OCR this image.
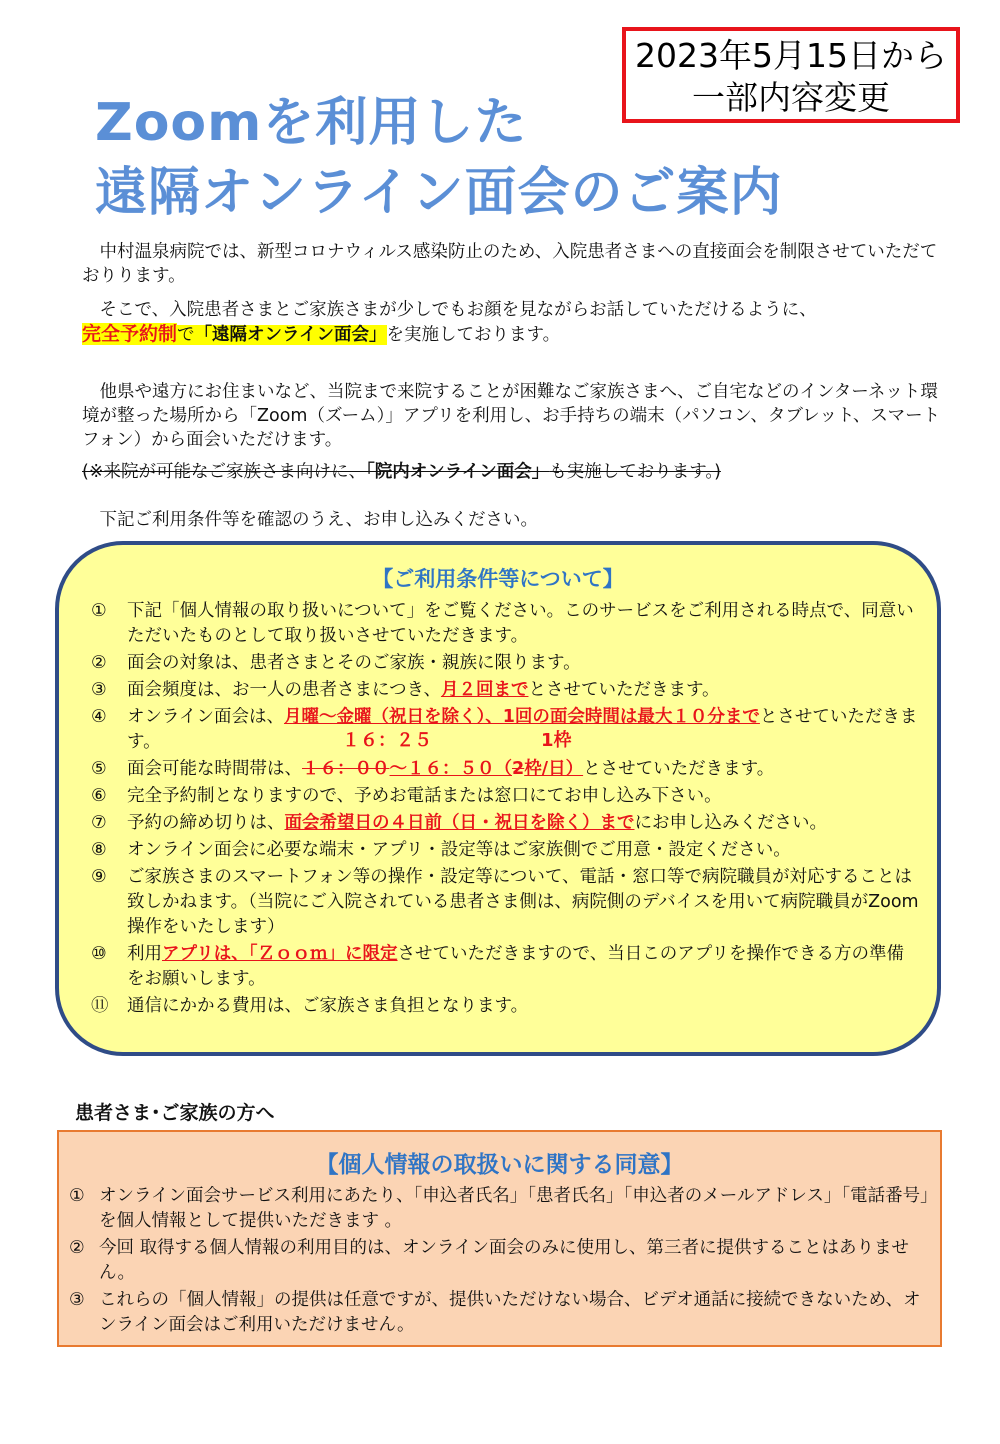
2023年5月15日から
一部内容変更
Zoomを利用した
遠隔オンライン面会のご案内

　中村温泉病院では、新型コロナウィルス感染防止のため、入院患者さまへの直接面会を制限させていただておりります。

　そこで、入院患者さまとご家族さまが少しでもお顔を見ながらお話していただけるように、
完全予約制で「遠隔オンライン面会」を実施しております。

　他県や遠方にお住まいなど、当院まで来院することが困難なご家族さまへ、ご自宅などのインターネット環境が整った場所から「Zoom（ズーム）」アプリを利用し、お手持ちの端末（パソコン、タブレット、スマートフォン）から面会いただけます。

(※来院が可能なご家族さま向けに、「院内オンライン面会」も実施しております。)

　下記ご利用条件等を確認のうえ、お申し込みください。

【ご利用条件等について】
①	下記「個人情報の取り扱いについて」をご覧ください。このサービスをご利用される時点で、同意いただいたものとして取り扱いさせていただきます。
②	面会の対象は、患者さまとそのご家族・親族に限ります。
③	面会頻度は、お一人の患者さまにつき、月２回までとさせていただきます。
④	オンライン面会は、月曜～金曜（祝日を除く）、1回の面会時間は最大１０分までとさせていただきます。	１６：２５	1枠
⑤	面会可能な時間帯は、１６：００～１６：５０（2枠/日）とさせていただきます。
⑥	完全予約制となりますので、予めお電話または窓口にてお申し込み下さい。
⑦	予約の締め切りは、面会希望日の４日前（日・祝日を除く）までにお申し込みください。
⑧	オンライン面会に必要な端末・アプリ・設定等はご家族側でご用意・設定ください。
⑨	ご家族さまのスマートフォン等の操作・設定等について、電話・窓口等で病院職員が対応することは致しかねます。（当院にご入院されている患者さま側は、病院側のデバイスを用いて病院職員がZoom操作をいたします）
⑩	利用アプリは、「Ｚｏｏｍ」に限定させていただきますので、当日このアプリを操作できる方の準備をお願いします。
⑪	通信にかかる費用は、ご家族さま負担となります。
患者さま･ご家族の方へ
【個人情報の取扱いに関する同意】
① オンライン面会サービス利用にあたり、「申込者氏名」「患者氏名」「申込者のメールアドレス」「電話番号」を個人情報として提供いただきます 。
② 今回 取得する個人情報の利用目的は、オンライン面会のみに使用し、第三者に提供することはありません。
③ これらの「個人情報」の提供は任意ですが、提供いただけない場合、ビデオ通話に接続できないため、オンライン面会はご利用いただけません。
